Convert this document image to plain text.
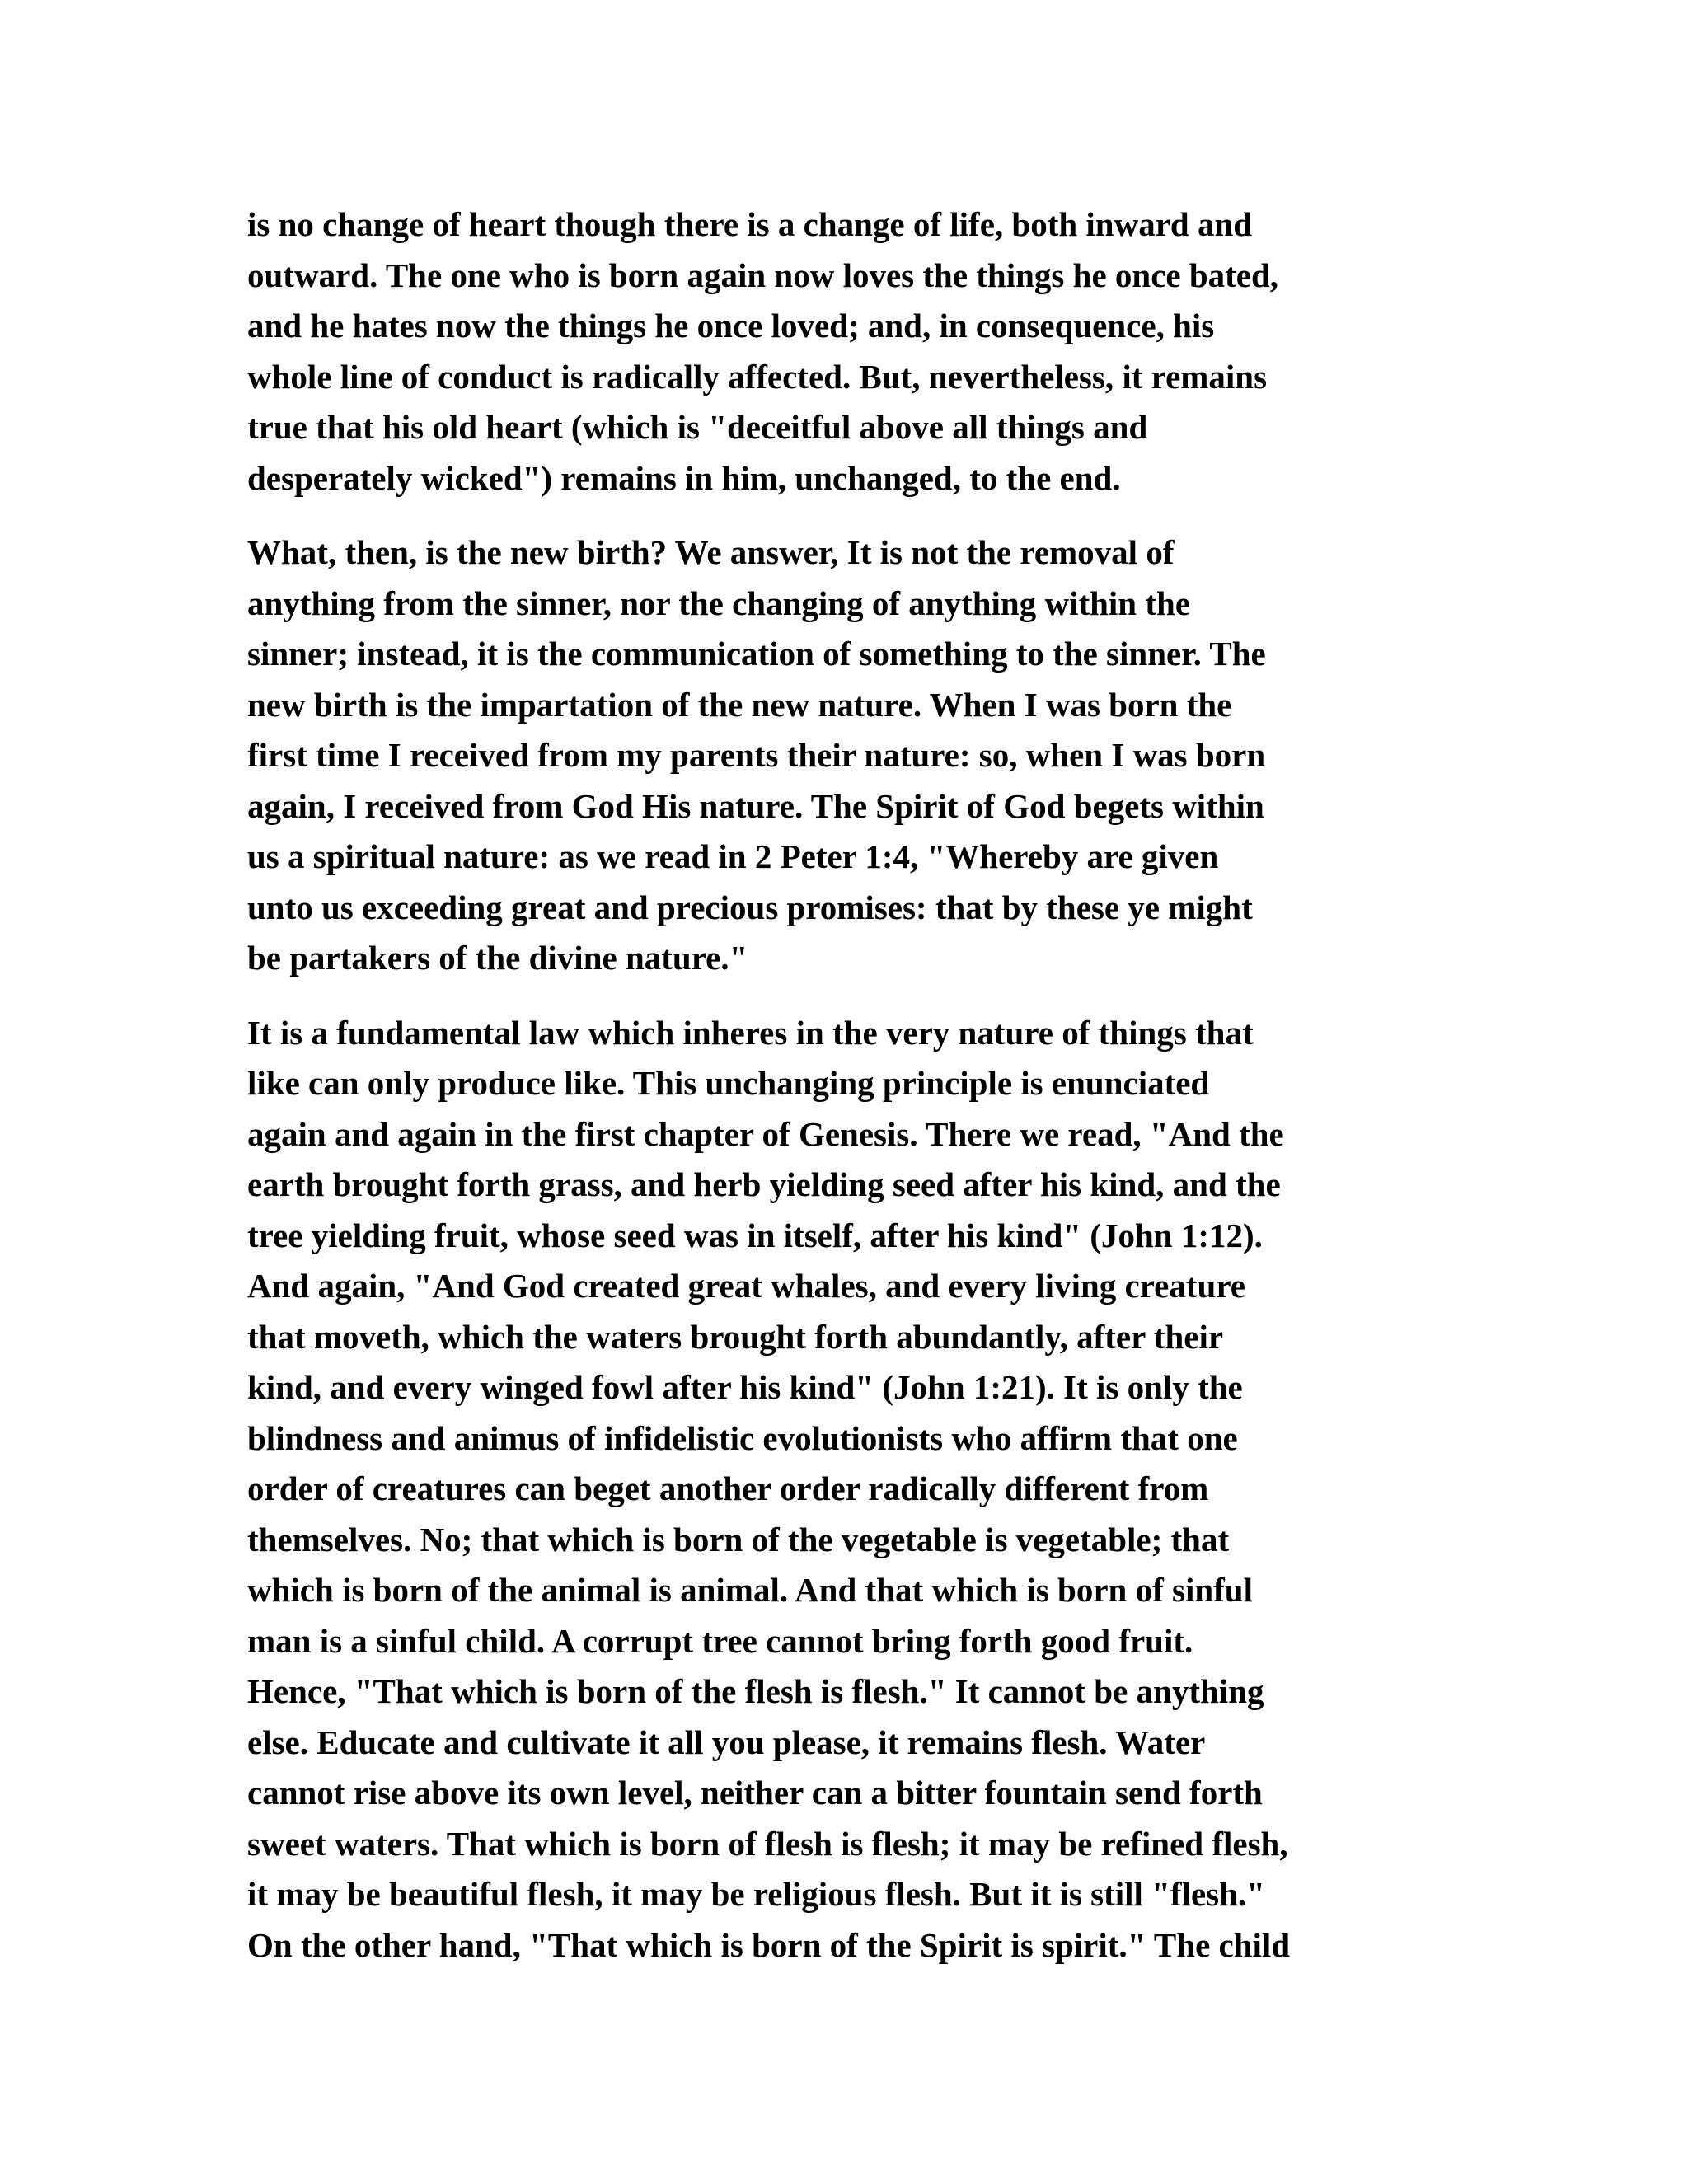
is no change of heart though there is a change of life, both inward and
outward. The one who is born again now loves the things he once bated,
and he hates now the things he once loved; and, in consequence, his
whole line of conduct is radically affected. But, nevertheless, it remains
true that his old heart (which is "deceitful above all things and
desperately wicked") remains in him, unchanged, to the end.

What, then, is the new birth? We answer, It is not the removal of
anything from the sinner, nor the changing of anything within the
sinner; instead, it is the communication of something to the sinner. The
new birth is the impartation of the new nature. When I was born the
first time I received from my parents their nature: so, when I was born
again, I received from God His nature. The Spirit of God begets within
us a spiritual nature: as we read in 2 Peter 1:4, "Whereby are given
unto us exceeding great and precious promises: that by these ye might
be partakers of the divine nature."

It is a fundamental law which inheres in the very nature of things that
like can only produce like. This unchanging principle is enunciated
again and again in the first chapter of Genesis. There we read, "And the
earth brought forth grass, and herb yielding seed after his kind, and the
tree yielding fruit, whose seed was in itself, after his kind" (John 1:12).
And again, "And God created great whales, and every living creature
that moveth, which the waters brought forth abundantly, after their
kind, and every winged fowl after his kind" (John 1:21). It is only the
blindness and animus of infidelistic evolutionists who affirm that one
order of creatures can beget another order radically different from
themselves. No; that which is born of the vegetable is vegetable; that
which is born of the animal is animal. And that which is born of sinful
man is a sinful child. A corrupt tree cannot bring forth good fruit.
Hence, "That which is born of the flesh is flesh." It cannot be anything
else. Educate and cultivate it all you please, it remains flesh. Water
cannot rise above its own level, neither can a bitter fountain send forth
sweet waters. That which is born of flesh is flesh; it may be refined flesh,
it may be beautiful flesh, it may be religious flesh. But it is still "flesh."
On the other hand, "That which is born of the Spirit is spirit." The child
